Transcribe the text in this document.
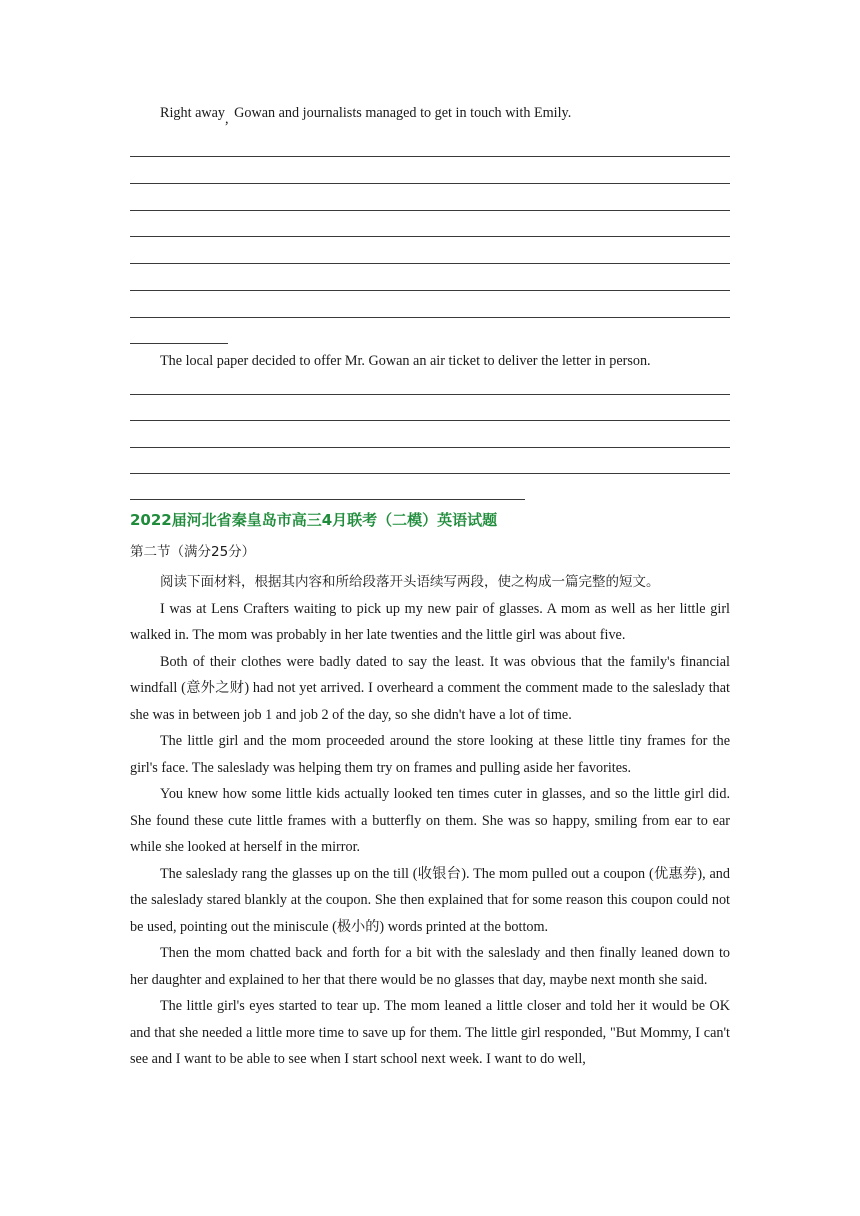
Right away, Gowan and journalists managed to get in touch with Emily.
The local paper decided to offer Mr. Gowan an air ticket to deliver the letter in person.
2022届河北省秦皇岛市高三4月联考（二模）英语试题
第二节（满分25分）

阅读下面材料，根据其内容和所给段落开头语续写两段，使之构成一篇完整的短文。

I was at Lens Crafters waiting to pick up my new pair of glasses. A mom as well as her little girl walked in. The mom was probably in her late twenties and the little girl was about five.

Both of their clothes were badly dated to say the least. It was obvious that the family's financial windfall (意外之财) had not yet arrived. I overheard a comment the comment made to the saleslady that she was in between job 1 and job 2 of the day, so she didn't have a lot of time.

The little girl and the mom proceeded around the store looking at these little tiny frames for the girl's face. The saleslady was helping them try on frames and pulling aside her favorites.

You knew how some little kids actually looked ten times cuter in glasses, and so the little girl did. She found these cute little frames with a butterfly on them. She was so happy, smiling from ear to ear while she looked at herself in the mirror.

The saleslady rang the glasses up on the till (收银台). The mom pulled out a coupon (优惠券), and the saleslady stared blankly at the coupon. She then explained that for some reason this coupon could not be used, pointing out the miniscule (极小的) words printed at the bottom.

Then the mom chatted back and forth for a bit with the saleslady and then finally leaned down to her daughter and explained to her that there would be no glasses that day, maybe next month she said.

The little girl's eyes started to tear up. The mom leaned a little closer and told her it would be OK and that she needed a little more time to save up for them. The little girl responded, "But Mommy, I can't see and I want to be able to see when I start school next week. I want to do well,
